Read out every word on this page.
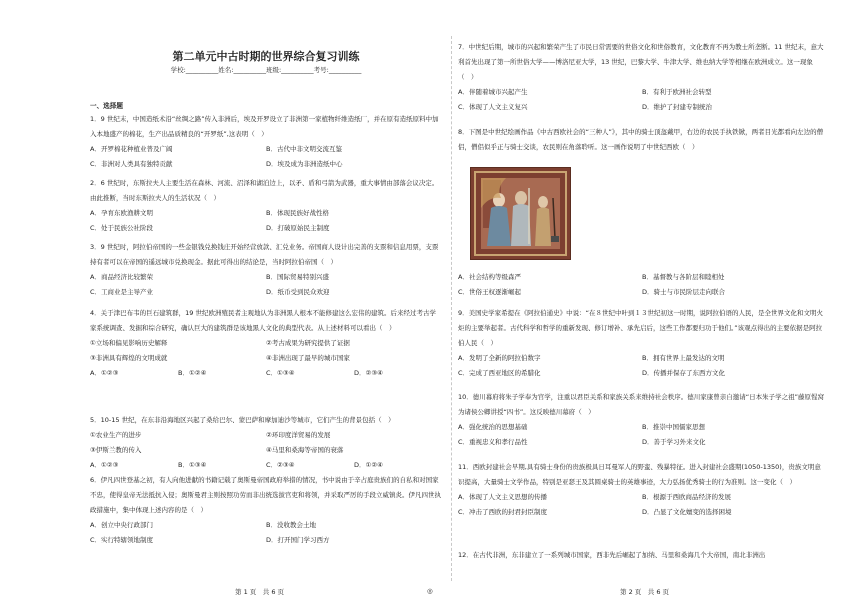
第二单元中古时期的世界综合复习训练
学校:__________姓名:__________班级:__________考号:__________
一、选择题

1．9 世纪末，中国造纸术沿“丝绸之路”传入非洲后，埃及开罗设立了非洲第一家植物纤维造纸厂，并在原有造纸原料中加入本地盛产的棉花，生产出品质精良的“开罗纸”,这表明（　）

A．开罗棉花种植业普及广阔	B．古代中非文明交流互鉴
C．非洲对人类具有独特贡献	D．埃及成为非洲造纸中心

2．6 世纪时，东斯拉夫人主要生活在森林、河流、沼泽和湖泊边上，以矛、盾和弓箭为武器，重大事情由部落会议决定。由此推断，当时东斯拉夫人的生活状况（　）

A．孕育东欧渔耕文明	B．体现民族好战性格
C．处于民族公社阶段	D．打破原始民主制度

3．9 世纪时，阿拉伯帝国的一些金银钱兑换钱庄开始经营放款、汇兑业务。帝国商人设计出完善的支票和信息用票，支票持有者可以在帝国的遥远城市兑换现金。据此可得出的结论是，当时阿拉伯帝国（　）

A．商品经济比较繁荣	B．国际贸易特别兴盛
C．工商业是主导产业	D．纸币受到民众欢迎

4．关于津巴布韦的巨石建筑群，19 世纪欧洲殖民者主观地认为非洲黑人根本不能修建这么宏伟的建筑。后来经过考古学家系统调查、发掘和综合研究，确认巨大的建筑群是该地黑人文化的典型代表。从上述材料可以看出（　）

①立场和偏见影响历史解释	②考古成果为研究提供了证据
③非洲具有辉煌的文明成就	④非洲出现了最早的城市国家
A．①②③	B．①②④	C．①③④	D．②③④

5．10-15 世纪，在东非沿海地区兴起了桑给巴尔、蒙巴萨和摩加迪沙等城市，它们产生的背景包括（　）

①农业生产的进步	②环印度洋贸易的发展
③伊斯兰教的传入	④马里和桑海等帝国的衰落
A．①②③	B．①③④	C．②③④	D．①②④

6．伊凡四世登基之初，有人向他进献的书籍记载了奥斯曼帝国政府举措的情况，书中说由于辛占庭贵族们的自私和对国家不忠，使得皇帝无法抵抗入侵；奥斯曼君主则按照功劳而非出统选拔官吏和将领，并采取严厉的手段立威镇炎。伊凡四世执政措施中，集中体现上述内容的是（　）

A．创立中央行政部门	B．没收教会土地
C．实行特辖领地制度	D．打开国门学习西方

7．中世纪后期，城市的兴起和繁荣产生了市民日常需要的世俗文化和世俗教育，文化教育不再为教士所垄断。11 世纪末，意大利首先出现了第一所世俗大学——博洛尼亚大学，13 世纪，巴黎大学、牛津大学、维也纳大学等相继在欧洲成立。这一现象（　）

A．伴随着城市兴起产生	B．有利于欧洲社会转型
C．体现了人文主义复兴	D．维护了封建专制统治

8．下图是中世纪绘画作品《中古西欧社会的“三种人”》，其中的骑士顶盔戴甲，右边的农民手执铁锨，两者目光都看向左边的僧侣，僧侣似乎正与骑士交谈，农民则在角落聆听。这一画作说明了中世纪西欧（　）

A．社会结构等级森严	B．基督教与各阶层和睦相处
C．世俗王权逐渐崛起	D．骑士与市民阶层走向联合

9．美国史学家希提在《阿拉伯通史》中说：“在８世纪中叶到１３世纪初这一时期，说阿拉伯语的人民，是全世界文化和文明火炬的主要举起者。古代科学和哲学的重新发现、修订增补、承先启后，这些工作都要归功于他们。”该观点得出的主要依据是阿拉伯人民（　）

A．发明了全新的阿拉伯数字	B．拥有世界上最发达的文明
C．完成了西亚地区的希腊化	D．传播并保存了东西方文化

10．德川幕府将朱子学奉为官学，注重以君臣关系和家族关系来维持社会秩序。德川家康曾亲自邀请“日本朱子学之祖”藤原惺窝为诸侯公卿讲授“四书”。这反映德川幕府（　）

A．强化统治的思想基础	B．推崇中国儒家思想
C．重视忠义和孝行品性	D．善于学习外来文化

11．西欧封建社会早期,具有骑士身份的贵族极具日耳曼军人的野蛮、残暴特征。进入封建社会盛期(1050-1350)，贵族文明意识提高，大量骑士文学作品，特别是亚瑟王及其圆桌骑士的英雄事迹，大力弘扬优秀骑士的行为准则。这一变化（　）

A．体现了人文主义思想的传播	B．根源于西欧商品经济的发展
C．冲击了西欧的封君封臣制度	D．凸显了文化嬗变的选择困境

12．在古代非洲，东非建立了一系列城市国家，西非先后崛起了加纳、马里和桑海几个大帝国，南北非洲出

第 1 页　共 6 页	◎	第 2 页　共 6 页
